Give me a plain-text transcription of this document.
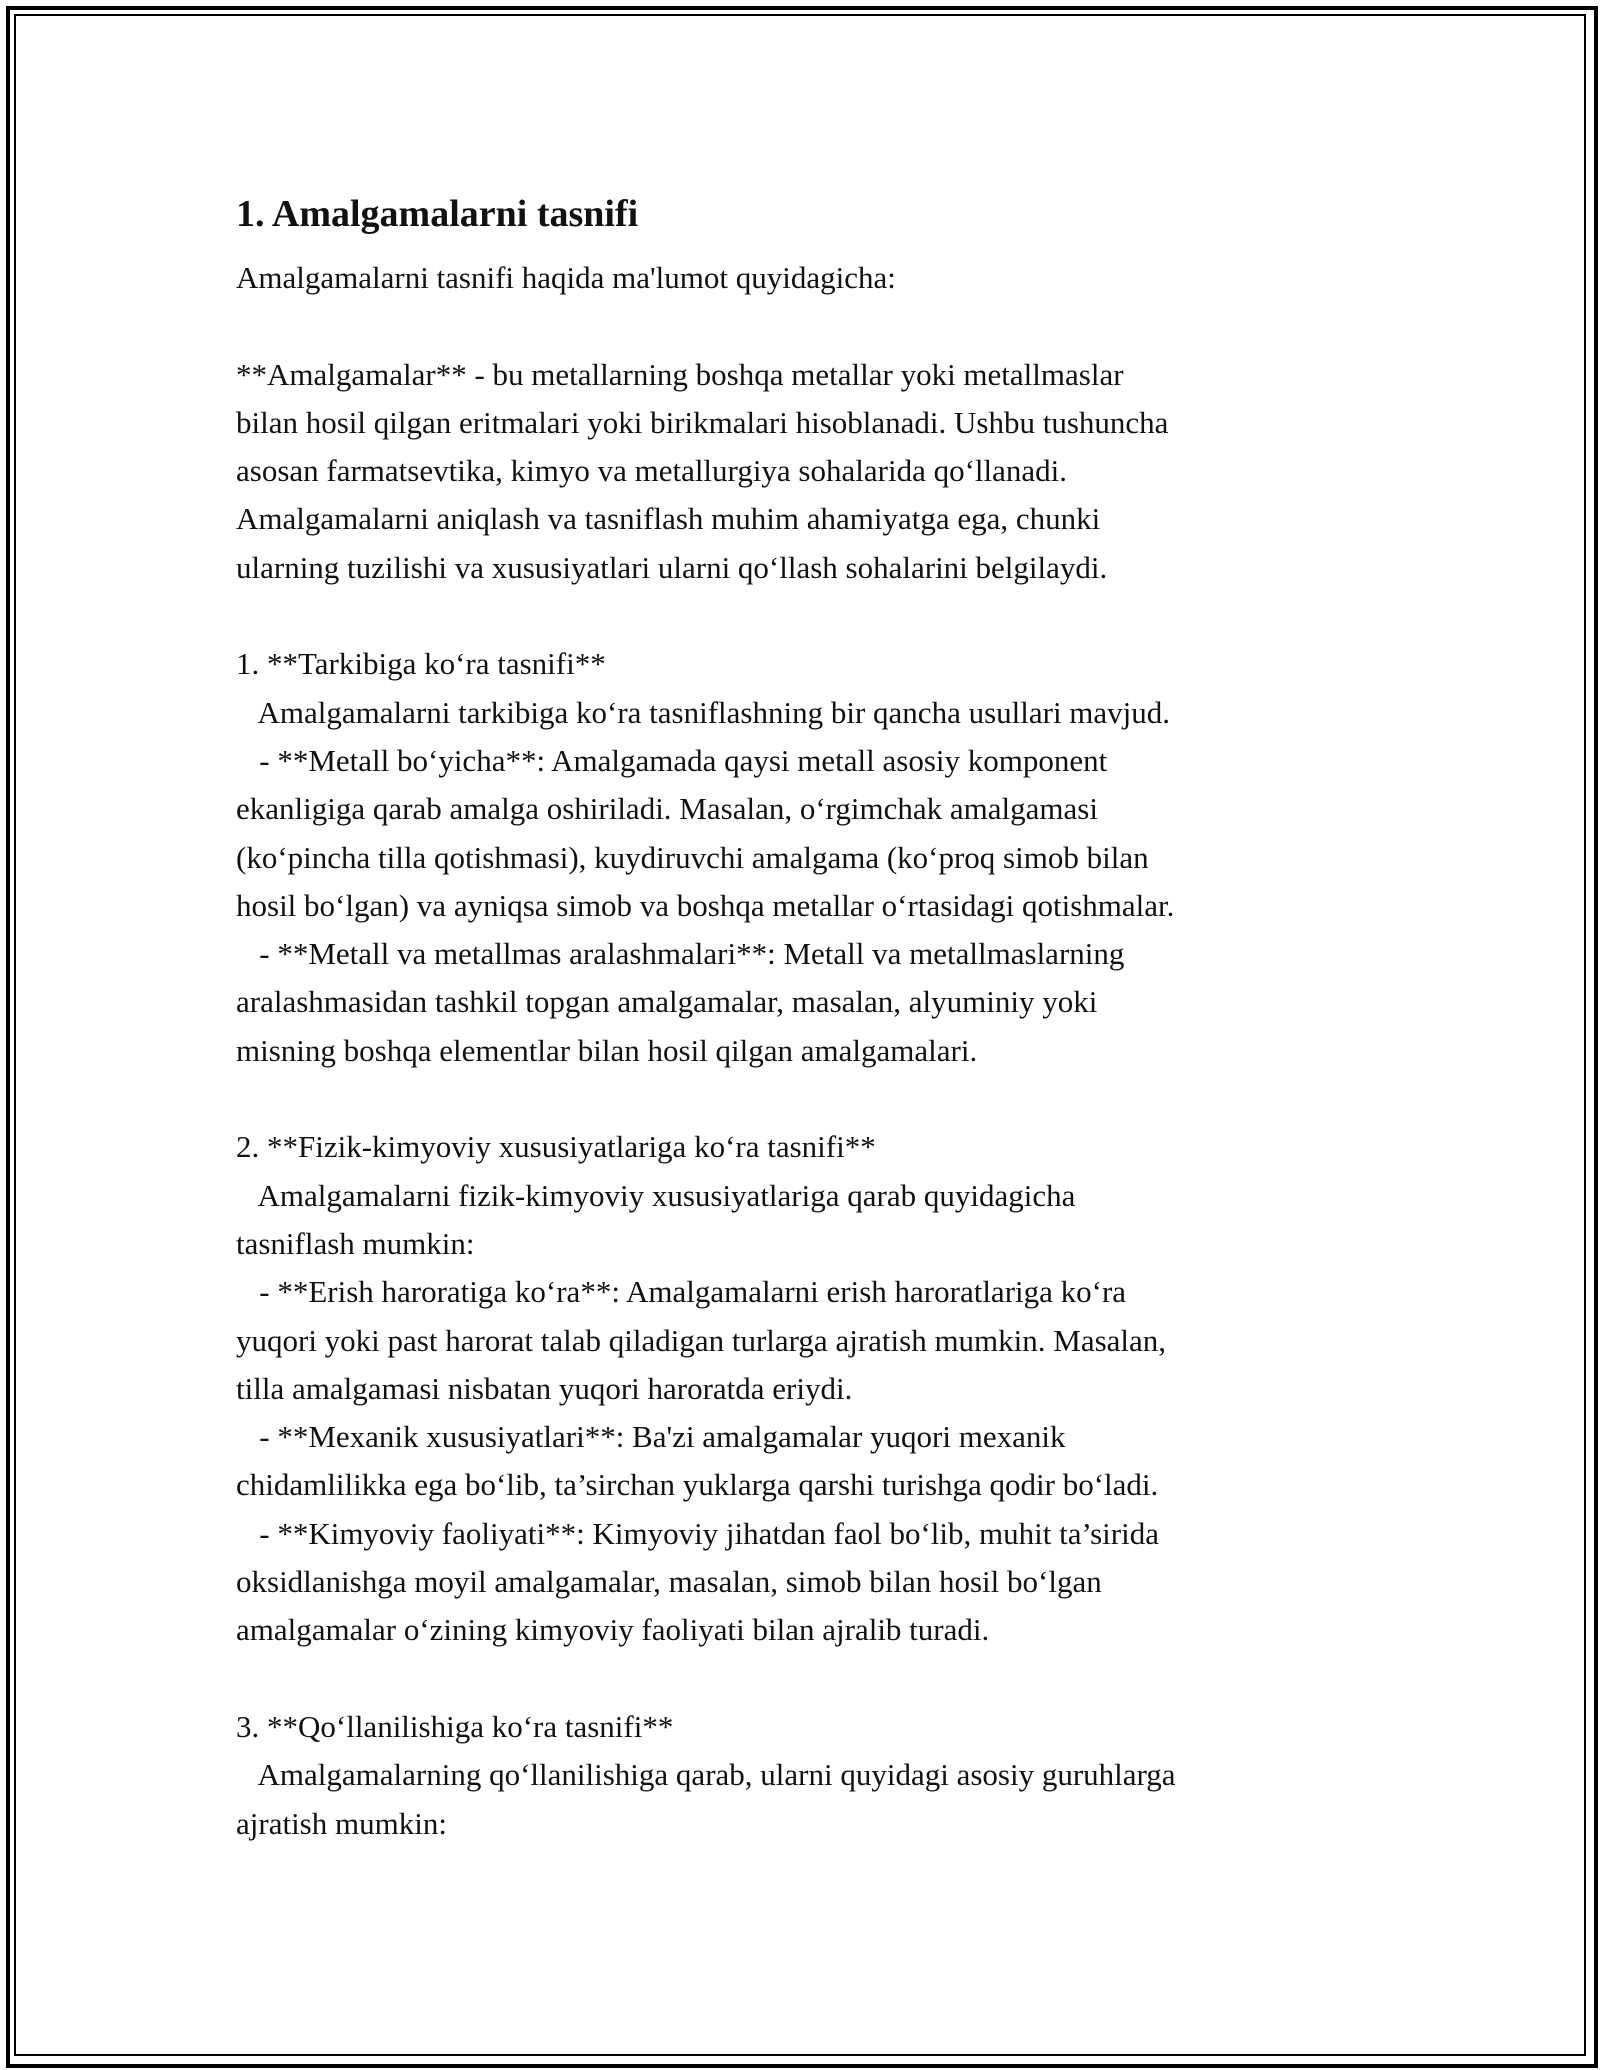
1. Amalgamalarni tasnifi
Amalgamalarni tasnifi haqida ma'lumot quyidagicha:
**Amalgamalar** - bu metallarning boshqa metallar yoki metallmaslar
bilan hosil qilgan eritmalari yoki birikmalari hisoblanadi. Ushbu tushuncha
asosan farmatsevtika, kimyo va metallurgiya sohalarida qo‘llanadi.
Amalgamalarni aniqlash va tasniflash muhim ahamiyatga ega, chunki
ularning tuzilishi va xususiyatlari ularni qo‘llash sohalarini belgilaydi.
1. **Tarkibiga ko‘ra tasnifi**
Amalgamalarni tarkibiga ko‘ra tasniflashning bir qancha usullari mavjud.
- **Metall bo‘yicha**: Amalgamada qaysi metall asosiy komponent
ekanligiga qarab amalga oshiriladi. Masalan, o‘rgimchak amalgamasi
(ko‘pincha tilla qotishmasi), kuydiruvchi amalgama (ko‘proq simob bilan
hosil bo‘lgan) va ayniqsa simob va boshqa metallar o‘rtasidagi qotishmalar.
- **Metall va metallmas aralashmalari**: Metall va metallmaslarning
aralashmasidan tashkil topgan amalgamalar, masalan, alyuminiy yoki
misning boshqa elementlar bilan hosil qilgan amalgamalari.
2. **Fizik-kimyoviy xususiyatlariga ko‘ra tasnifi**
Amalgamalarni fizik-kimyoviy xususiyatlariga qarab quyidagicha
tasniflash mumkin:
- **Erish haroratiga ko‘ra**: Amalgamalarni erish haroratlariga ko‘ra
yuqori yoki past harorat talab qiladigan turlarga ajratish mumkin. Masalan,
tilla amalgamasi nisbatan yuqori haroratda eriydi.
- **Mexanik xususiyatlari**: Ba'zi amalgamalar yuqori mexanik
chidamlilikka ega bo‘lib, ta’sirchan yuklarga qarshi turishga qodir bo‘ladi.
- **Kimyoviy faoliyati**: Kimyoviy jihatdan faol bo‘lib, muhit ta’sirida
oksidlanishga moyil amalgamalar, masalan, simob bilan hosil bo‘lgan
amalgamalar o‘zining kimyoviy faoliyati bilan ajralib turadi.
3. **Qo‘llanilishiga ko‘ra tasnifi**
Amalgamalarning qo‘llanilishiga qarab, ularni quyidagi asosiy guruhlarga
ajratish mumkin:
